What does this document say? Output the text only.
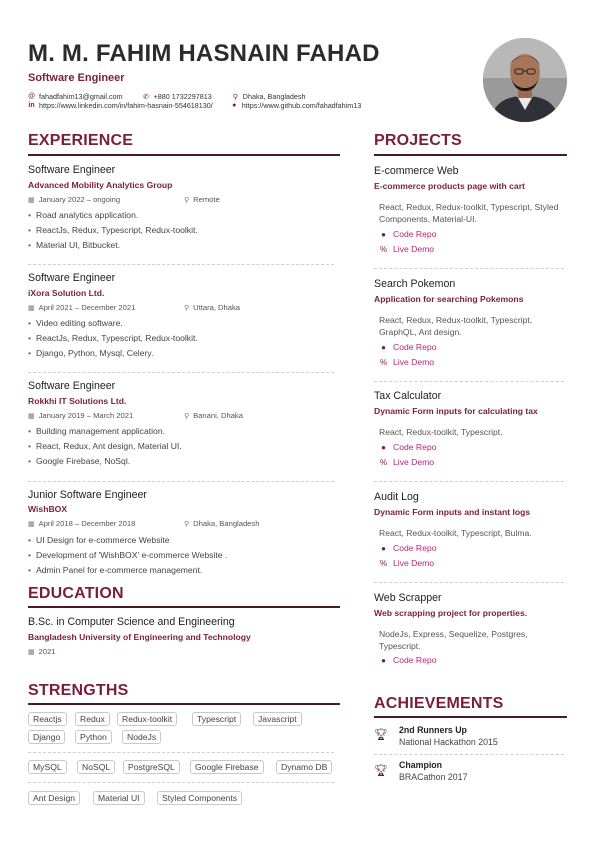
M. M. FAHIM HASNAIN FAHAD
Software Engineer
@ fahadfahim13@gmail.com	✆ +880 1732297813	⚲ Dhaka, Bangladesh
in https://www.linkedin.com/in/fahim-hasnain-554618130/	● https://www.github.com/fahadfahim13
EXPERIENCE
Software Engineer
Advanced Mobility Analytics Group
▦ January 2022 – ongoing	⚲ Remote
• Road analytics application.
• ReactJs, Redux, Typescript, Redux-toolkit.
• Material UI, Bitbucket.
Software Engineer
iXora Solution Ltd.
▦ April 2021 – December 2021	⚲ Uttara, Dhaka
• Video editing software.
• ReactJs, Redux, Typescript, Redux-toolkit.
• Django, Python, Mysql, Celery.
Software Engineer
Rokkhi IT Solutions Ltd.
▦ January 2019 – March 2021	⚲ Banani, Dhaka
• Building management application.
• React, Redux, Ant design, Material UI.
• Google Firebase, NoSql.
Junior Software Engineer
WishBOX
▦ April 2018 – December 2018	⚲ Dhaka, Bangladesh
• UI Design for e-commerce Website
• Development of 'WishBOX' e-commerce Website .
• Admin Panel for e-commerce management.
EDUCATION
B.Sc. in Computer Science and Engineering
Bangladesh University of Engineering and Technology
▦ 2021
STRENGTHS
Reactjs	Redux	Redux-toolkit	Typescript	Javascript
Django	Python	NodeJs
MySQL	NoSQL	PostgreSQL	Google Firebase	Dynamo DB
Ant Design	Material UI	Styled Components
PROJECTS
E-commerce Web
E-commerce products page with cart
React, Redux, Redux-toolkit, Typescript, Styled Components, Material-UI.
● Code Repo
% Live Demo
Search Pokemon
Application for searching Pokemons
React, Redux, Redux-toolkit, Typescript, GraphQL, Ant design.
● Code Repo
% Live Demo
Tax Calculator
Dynamic Form inputs for calculating tax
React, Redux-toolkit, Typescript.
● Code Repo
% Live Demo
Audit Log
Dynamic Form inputs and instant logs
React, Redux-toolkit, Typescript, Bulma.
● Code Repo
% Live Demo
Web Scrapper
Web scrapping project for properties.
NodeJs, Express, Sequelize, Postgres, Typescript.
● Code Repo
ACHIEVEMENTS
🏆︎ 2nd Runners Up
National Hackathon 2015
🏆︎ Champion
BRACathon 2017
